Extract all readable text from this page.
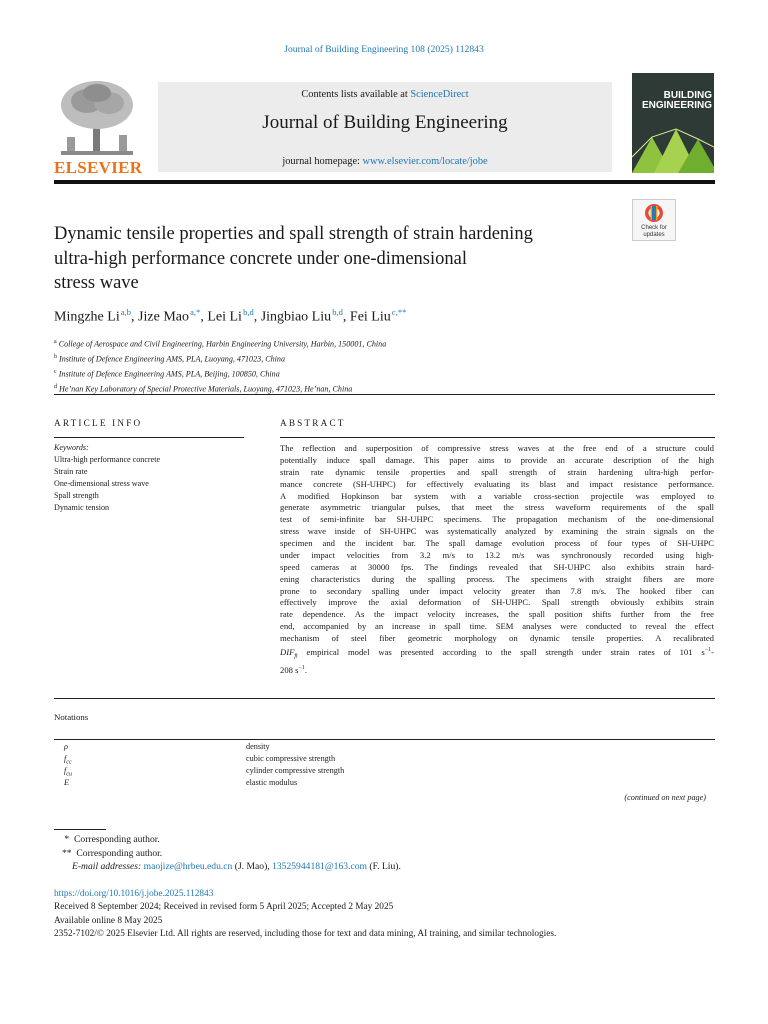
Journal of Building Engineering 108 (2025) 112843
ELSEVIER
Contents lists available at ScienceDirect
Journal of Building Engineering
journal homepage: www.elsevier.com/locate/jobe
BUILDING
ENGINEERING
Check for
updates
Dynamic tensile properties and spall strength of strain hardening
ultra-high performance concrete under one-dimensional
stress wave
Mingzhe Li $^{a,b}$, Jize Mao $^{a,*}$, Lei Li $^{b,d}$, Jingbiao Liu $^{b,d}$, Fei Liu $^{c,**}$
$^a$ College of Aerospace and Civil Engineering, Harbin Engineering University, Harbin, 150001, China
$^b$ Institute of Defence Engineering AMS, PLA, Luoyang, 471023, China
$^c$ Institute of Defence Engineering AMS, PLA, Beijing, 100850, China
$^d$ He’nan Key Laboratory of Special Protective Materials, Luoyang, 471023, He’nan, China
ARTICLE INFO
Keywords:
Ultra-high performance concrete
Strain rate
One-dimensional stress wave
Spall strength
Dynamic tension
ABSTRACT
The reflection and superposition of compressive stress waves at the free end of a structure could
potentially induce spall damage. This paper aims to provide an accurate description of the high
strain rate dynamic tensile properties and spall strength of strain hardening ultra-high perfor-
mance concrete (SH-UHPC) for effectively evaluating its blast and impact resistance performance.
A modified Hopkinson bar system with a variable cross-section projectile was employed to
generate asymmetric triangular pulses, that meet the stress waveform requirements of the spall
test of semi-infinite bar SH-UHPC specimens. The propagation mechanism of the one-dimensional
stress wave inside of SH-UHPC was systematically analyzed by examining the strain signals on the
specimen and the incident bar. The spall damage evolution process of four types of SH-UHPC
under impact velocities from 3.2 m/s to 13.2 m/s was synchronously recorded using high-
speed cameras at 30000 fps. The findings revealed that SH-UHPC also exhibits strain hard-
ening characteristics during the spalling process. The specimens with straight fibers are more
prone to secondary spalling under impact velocity greater than 7.8 m/s. The hooked fiber can
effectively improve the axial deformation of SH-UHPC. Spall strength obviously exhibits strain
rate dependence. As the impact velocity increases, the spall position shifts further from the free
end, accompanied by an increase in spall time. SEM analyses were conducted to reveal the effect
mechanism of steel fiber geometric morphology on dynamic tensile properties. A recalibrated
$DIF_{ft}$ empirical model was presented according to the spall strength under strain rates of 101 $s^{-1}-$
208 $s^{-1}$.
Notations
ρ	density
$f_{cc}$	cubic compressive strength
$f_{cu}$	cylinder compressive strength
E	elastic modulus
(continued on next page)
*  Corresponding author.
**  Corresponding author.
E-mail addresses: maojize@hrbeu.edu.cn (J. Mao), 13525944181@163.com (F. Liu).
https://doi.org/10.1016/j.jobe.2025.112843
Received 8 September 2024; Received in revised form 5 April 2025; Accepted 2 May 2025
Available online 8 May 2025
2352-7102/© 2025 Elsevier Ltd. All rights are reserved, including those for text and data mining, AI training, and similar technologies.
